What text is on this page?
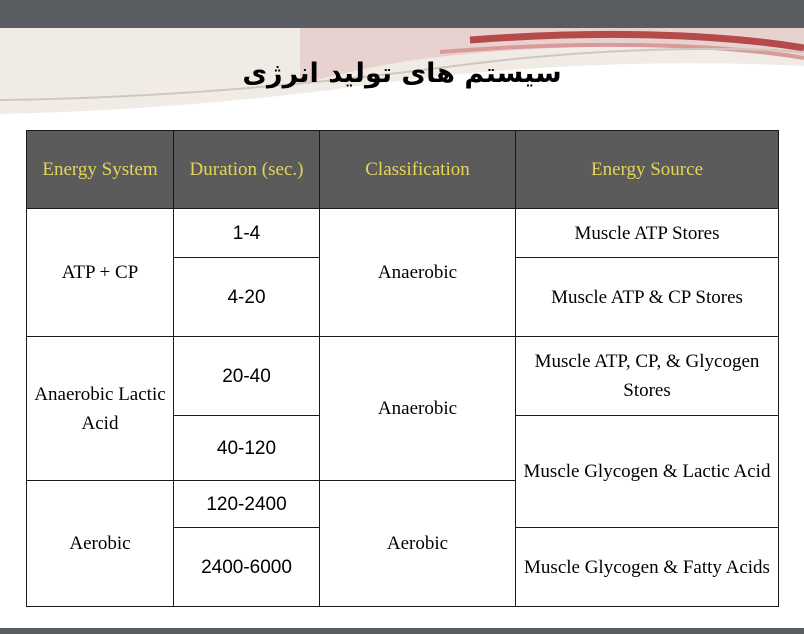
سیستم های تولید انرژی
Energy System	Duration (sec.)	Classification	Energy Source
ATP + CP	1-4	Anaerobic	Muscle ATP Stores
	4-20		Muscle ATP & CP Stores
Anaerobic Lactic Acid	20-40	Anaerobic	Muscle ATP, CP, & Glycogen Stores
	40-120		Muscle Glycogen & Lactic Acid
Aerobic	120-2400	Aerobic	
	2400-6000		Muscle Glycogen & Fatty Acids
